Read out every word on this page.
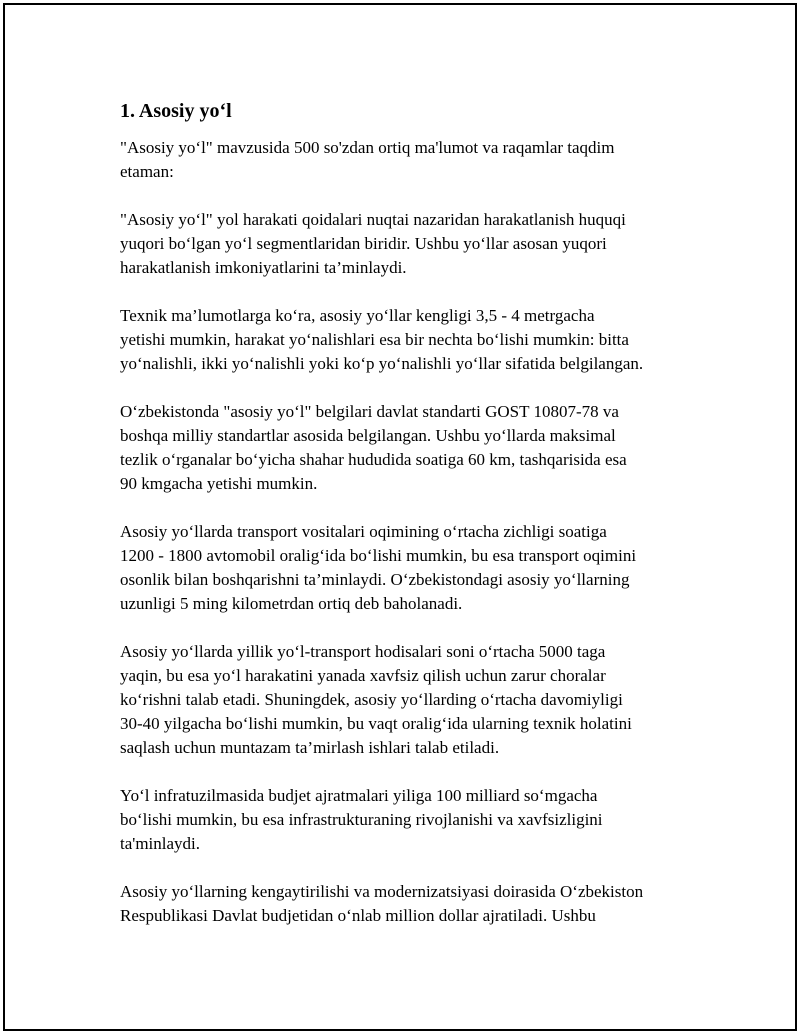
1. Asosiy yo‘l

"Asosiy yo‘l" mavzusida 500 so'zdan ortiq ma'lumot va raqamlar taqdim
etaman:

"Asosiy yo‘l" yol harakati qoidalari nuqtai nazaridan harakatlanish huquqi
yuqori bo‘lgan yo‘l segmentlaridan biridir. Ushbu yo‘llar asosan yuqori
harakatlanish imkoniyatlarini ta’minlaydi.

Texnik ma’lumotlarga ko‘ra, asosiy yo‘llar kengligi 3,5 - 4 metrgacha
yetishi mumkin, harakat yo‘nalishlari esa bir nechta bo‘lishi mumkin: bitta
yo‘nalishli, ikki yo‘nalishli yoki ko‘p yo‘nalishli yo‘llar sifatida belgilangan.

O‘zbekistonda "asosiy yo‘l" belgilari davlat standarti GOST 10807-78 va
boshqa milliy standartlar asosida belgilangan. Ushbu yo‘llarda maksimal
tezlik o‘rganalar bo‘yicha shahar hududida soatiga 60 km, tashqarisida esa
90 kmgacha yetishi mumkin.

Asosiy yo‘llarda transport vositalari oqimining o‘rtacha zichligi soatiga
1200 - 1800 avtomobil oralig‘ida bo‘lishi mumkin, bu esa transport oqimini
osonlik bilan boshqarishni ta’minlaydi. O‘zbekistondagi asosiy yo‘llarning
uzunligi 5 ming kilometrdan ortiq deb baholanadi.

Asosiy yo‘llarda yillik yo‘l-transport hodisalari soni o‘rtacha 5000 taga
yaqin, bu esa yo‘l harakatini yanada xavfsiz qilish uchun zarur choralar
ko‘rishni talab etadi. Shuningdek, asosiy yo‘llarding o‘rtacha davomiyligi
30-40 yilgacha bo‘lishi mumkin, bu vaqt oralig‘ida ularning texnik holatini
saqlash uchun muntazam ta’mirlash ishlari talab etiladi.

Yo‘l infratuzilmasida budjet ajratmalari yiliga 100 milliard so‘mgacha
bo‘lishi mumkin, bu esa infrastrukturaning rivojlanishi va xavfsizligini
ta'minlaydi.

Asosiy yo‘llarning kengaytirilishi va modernizatsiyasi doirasida O‘zbekiston
Respublikasi Davlat budjetidan o‘nlab million dollar ajratiladi. Ushbu
